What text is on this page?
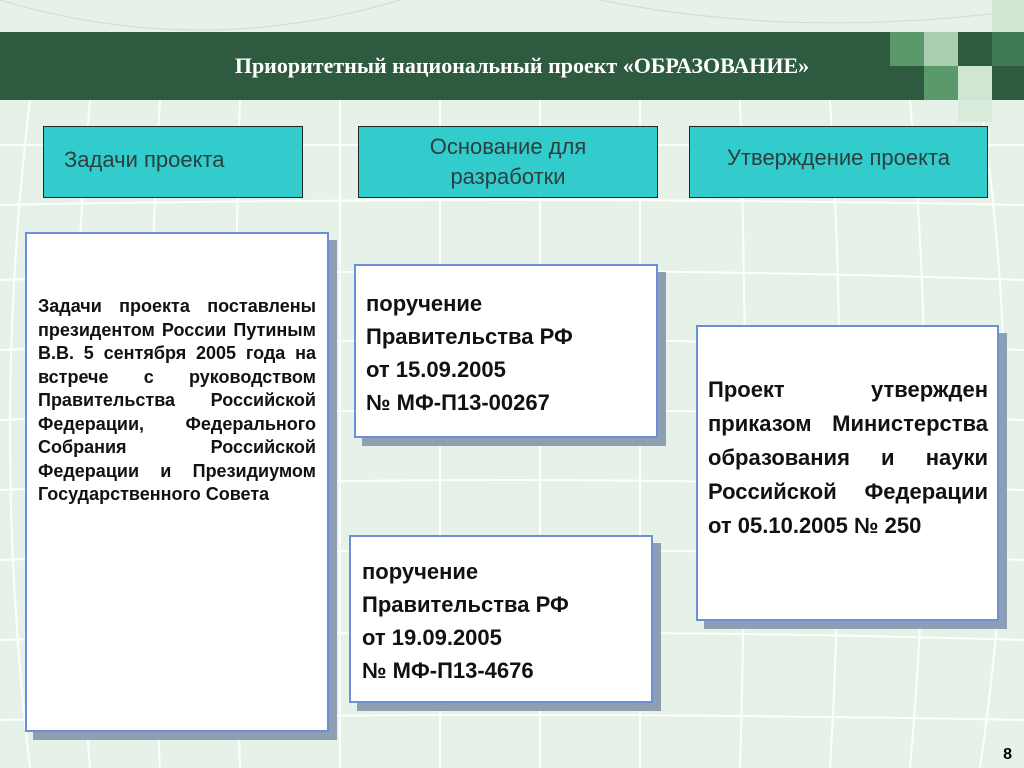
Приоритетный национальный проект «ОБРАЗОВАНИЕ»
Задачи проекта
Основание для разработки
Утверждение проекта
Задачи проекта поставлены президентом России Путиным В.В. 5 сентября 2005 года на встрече с руководством Правительства Российской Федерации, Федерального Собрания Российской Федерации и Президиумом Государственного Совета
поручение Правительства РФ
от 15.09.2005
№ МФ-П13-00267
поручение Правительства РФ
от 19.09.2005
№ МФ-П13-4676
Проект утвержден приказом Министерства образования и науки Российской Федерации от 05.10.2005 № 250
8
